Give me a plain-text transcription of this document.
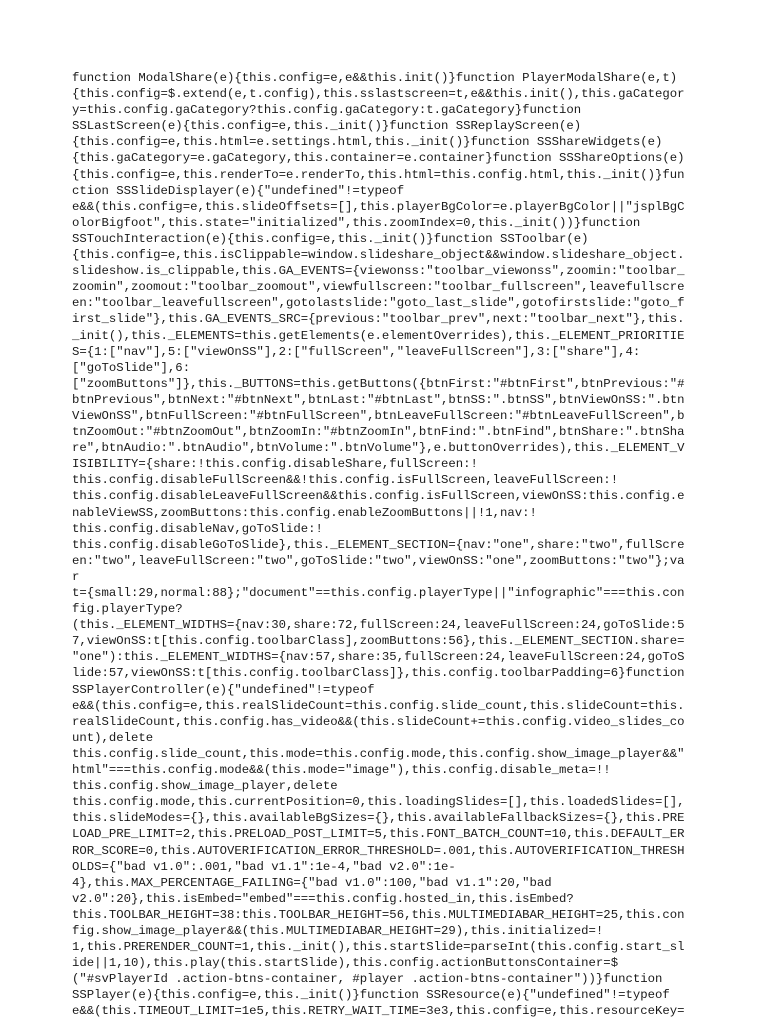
function ModalShare(e){this.config=e,e&&this.init()}function PlayerModalShare(e,t)
{this.config=$.extend(e,t.config),this.sslastscreen=t,e&&this.init(),this.gaCategor
y=this.config.gaCategory?this.config.gaCategory:t.gaCategory}function
SSLastScreen(e){this.config=e,this._init()}function SSReplayScreen(e)
{this.config=e,this.html=e.settings.html,this._init()}function SSShareWidgets(e)
{this.gaCategory=e.gaCategory,this.container=e.container}function SSShareOptions(e)
{this.config=e,this.renderTo=e.renderTo,this.html=this.config.html,this._init()}fun
ction SSSlideDisplayer(e){"undefined"!=typeof
e&&(this.config=e,this.slideOffsets=[],this.playerBgColor=e.playerBgColor||"jsplBgC
olorBigfoot",this.state="initialized",this.zoomIndex=0,this._init())}function
SSTouchInteraction(e){this.config=e,this._init()}function SSToolbar(e)
{this.config=e,this.isClippable=window.slideshare_object&&window.slideshare_object.
slideshow.is_clippable,this.GA_EVENTS={viewonss:"toolbar_viewonss",zoomin:"toolbar_
zoomin",zoomout:"toolbar_zoomout",viewfullscreen:"toolbar_fullscreen",leavefullscre
en:"toolbar_leavefullscreen",gotolastslide:"goto_last_slide",gotofirstslide:"goto_f
irst_slide"},this.GA_EVENTS_SRC={previous:"toolbar_prev",next:"toolbar_next"},this.
_init(),this._ELEMENTS=this.getElements(e.elementOverrides),this._ELEMENT_PRIORITIE
S={1:["nav"],5:["viewOnSS"],2:["fullScreen","leaveFullScreen"],3:["share"],4:
["goToSlide"],6:
["zoomButtons"]},this._BUTTONS=this.getButtons({btnFirst:"#btnFirst",btnPrevious:"#
btnPrevious",btnNext:"#btnNext",btnLast:"#btnLast",btnSS:".btnSS",btnViewOnSS:".btn
ViewOnSS",btnFullScreen:"#btnFullScreen",btnLeaveFullScreen:"#btnLeaveFullScreen",b
tnZoomOut:"#btnZoomOut",btnZoomIn:"#btnZoomIn",btnFind:".btnFind",btnShare:".btnSha
re",btnAudio:".btnAudio",btnVolume:".btnVolume"},e.buttonOverrides),this._ELEMENT_V
ISIBILITY={share:!this.config.disableShare,fullScreen:!
this.config.disableFullScreen&&!this.config.isFullScreen,leaveFullScreen:!
this.config.disableLeaveFullScreen&&this.config.isFullScreen,viewOnSS:this.config.e
nableViewSS,zoomButtons:this.config.enableZoomButtons||!1,nav:!
this.config.disableNav,goToSlide:!
this.config.disableGoToSlide},this._ELEMENT_SECTION={nav:"one",share:"two",fullScre
en:"two",leaveFullScreen:"two",goToSlide:"two",viewOnSS:"one",zoomButtons:"two"};va
r
t={small:29,normal:88};"document"==this.config.playerType||"infographic"===this.con
fig.playerType?
(this._ELEMENT_WIDTHS={nav:30,share:72,fullScreen:24,leaveFullScreen:24,goToSlide:5
7,viewOnSS:t[this.config.toolbarClass],zoomButtons:56},this._ELEMENT_SECTION.share=
"one"):this._ELEMENT_WIDTHS={nav:57,share:35,fullScreen:24,leaveFullScreen:24,goToS
lide:57,viewOnSS:t[this.config.toolbarClass]},this.config.toolbarPadding=6}function
SSPlayerController(e){"undefined"!=typeof
e&&(this.config=e,this.realSlideCount=this.config.slide_count,this.slideCount=this.
realSlideCount,this.config.has_video&&(this.slideCount+=this.config.video_slides_co
unt),delete
this.config.slide_count,this.mode=this.config.mode,this.config.show_image_player&&"
html"===this.config.mode&&(this.mode="image"),this.config.disable_meta=!!
this.config.show_image_player,delete
this.config.mode,this.currentPosition=0,this.loadingSlides=[],this.loadedSlides=[],
this.slideModes={},this.availableBgSizes={},this.availableFallbackSizes={},this.PRE
LOAD_PRE_LIMIT=2,this.PRELOAD_POST_LIMIT=5,this.FONT_BATCH_COUNT=10,this.DEFAULT_ER
ROR_SCORE=0,this.AUTOVERIFICATION_ERROR_THRESHOLD=.001,this.AUTOVERIFICATION_THRESH
OLDS={"bad v1.0":.001,"bad v1.1":1e-4,"bad v2.0":1e-
4},this.MAX_PERCENTAGE_FAILING={"bad v1.0":100,"bad v1.1":20,"bad
v2.0":20},this.isEmbed="embed"===this.config.hosted_in,this.isEmbed?
this.TOOLBAR_HEIGHT=38:this.TOOLBAR_HEIGHT=56,this.MULTIMEDIABAR_HEIGHT=25,this.con
fig.show_image_player&&(this.MULTIMEDIABAR_HEIGHT=29),this.initialized=!
1,this.PRERENDER_COUNT=1,this._init(),this.startSlide=parseInt(this.config.start_sl
ide||1,10),this.play(this.startSlide),this.config.actionButtonsContainer=$
("#svPlayerId .action-btns-container, #player .action-btns-container"))}function
SSPlayer(e){this.config=e,this._init()}function SSResource(e){"undefined"!=typeof
e&&(this.TIMEOUT_LIMIT=1e5,this.RETRY_WAIT_TIME=3e3,this.config=e,this.resourceKey=
